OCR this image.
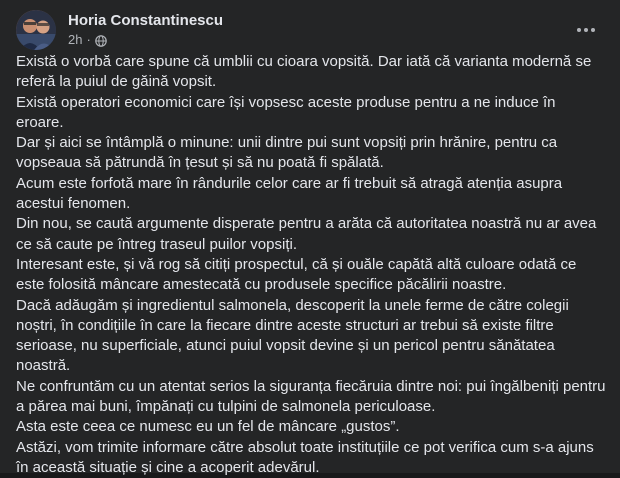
Horia Constantinescu
2h ·

Există o vorbă care spune că umblii cu cioara vopsită. Dar iată că varianta modernă se referă la puiul de găină vopsit.

Există operatori economici care își vopsesc aceste produse pentru a ne induce în eroare.

Dar și aici se întâmplă o minune: unii dintre pui sunt vopsiți prin hrănire, pentru ca vopseaua să pătrundă în țesut și să nu poată fi spălată.

Acum este forfotă mare în rândurile celor care ar fi trebuit să atragă atenția asupra acestui fenomen.

Din nou, se caută argumente disperate pentru a arăta că autoritatea noastră nu ar avea ce să caute pe întreg traseul puilor vopsiți.

Interesant este, și vă rog să citiți prospectul, că și ouăle capătă altă culoare odată ce este folosită mâncare amestecată cu produsele specifice păcălirii noastre.

Dacă adăugăm și ingredientul salmonela, descoperit la unele ferme de către colegii noștri, în condițiile în care la fiecare dintre aceste structuri ar trebui să existe filtre serioase, nu superficiale, atunci puiul vopsit devine și un pericol pentru sănătatea noastră.

Ne confruntăm cu un atentat serios la siguranța fiecăruia dintre noi: pui îngălbeniți pentru a părea mai buni, împănați cu tulpini de salmonela periculoase.

Asta este ceea ce numesc eu un fel de mâncare „gustos”.

Astăzi, vom trimite informare către absolut toate instituțiile ce pot verifica cum s-a ajuns în această situație și cine a acoperit adevărul.
